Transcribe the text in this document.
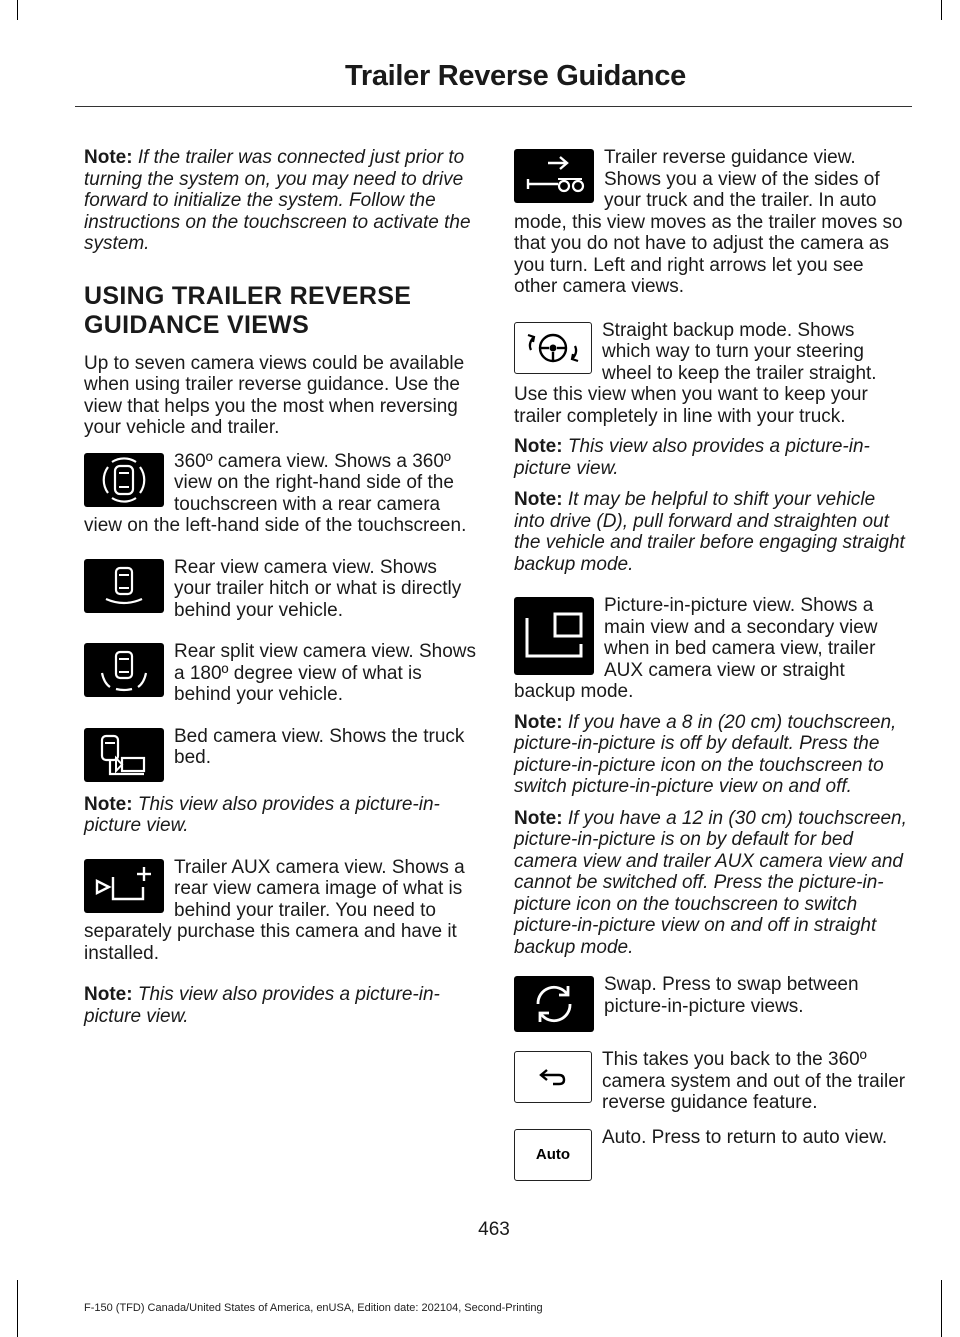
Trailer Reverse Guidance

Note: If the trailer was connected just prior to turning the system on, you may need to drive forward to initialize the system. Follow the instructions on the touchscreen to activate the system.

USING TRAILER REVERSE GUIDANCE VIEWS

Up to seven camera views could be available when using trailer reverse guidance. Use the view that helps you the most when reversing your vehicle and trailer.

360º camera view. Shows a 360º view on the right-hand side of the touchscreen with a rear camera view on the left-hand side of the touchscreen.

Rear view camera view. Shows your trailer hitch or what is directly behind your vehicle.

Rear split view camera view. Shows a 180º degree view of what is behind your vehicle.

Bed camera view. Shows the truck bed.

Note: This view also provides a picture-in-picture view.

Trailer AUX camera view. Shows a rear view camera image of what is behind your trailer. You need to separately purchase this camera and have it installed.

Note: This view also provides a picture-in-picture view.

Trailer reverse guidance view. Shows you a view of the sides of your truck and the trailer. In auto mode, this view moves as the trailer moves so that you do not have to adjust the camera as you turn. Left and right arrows let you see other camera views.

Straight backup mode. Shows which way to turn your steering wheel to keep the trailer straight. Use this view when you want to keep your trailer completely in line with your truck.

Note: This view also provides a picture-in-picture view.

Note: It may be helpful to shift your vehicle into drive (D), pull forward and straighten out the vehicle and trailer before engaging straight backup mode.

Picture-in-picture view. Shows a main view and a secondary view when in bed camera view, trailer AUX camera view or straight backup mode.

Note: If you have a 8 in (20 cm) touchscreen, picture-in-picture is off by default. Press the picture-in-picture icon on the touchscreen to switch picture-in-picture view on and off.

Note: If you have a 12 in (30 cm) touchscreen, picture-in-picture is on by default for bed camera view and trailer AUX camera view and cannot be switched off. Press the picture-in-picture icon on the touchscreen to switch picture-in-picture view on and off in straight backup mode.

Swap. Press to swap between picture-in-picture views.

This takes you back to the 360º camera system and out of the trailer reverse guidance feature.

Auto

Auto. Press to return to auto view.

463
F-150 (TFD) Canada/United States of America, enUSA, Edition date: 202104, Second-Printing
